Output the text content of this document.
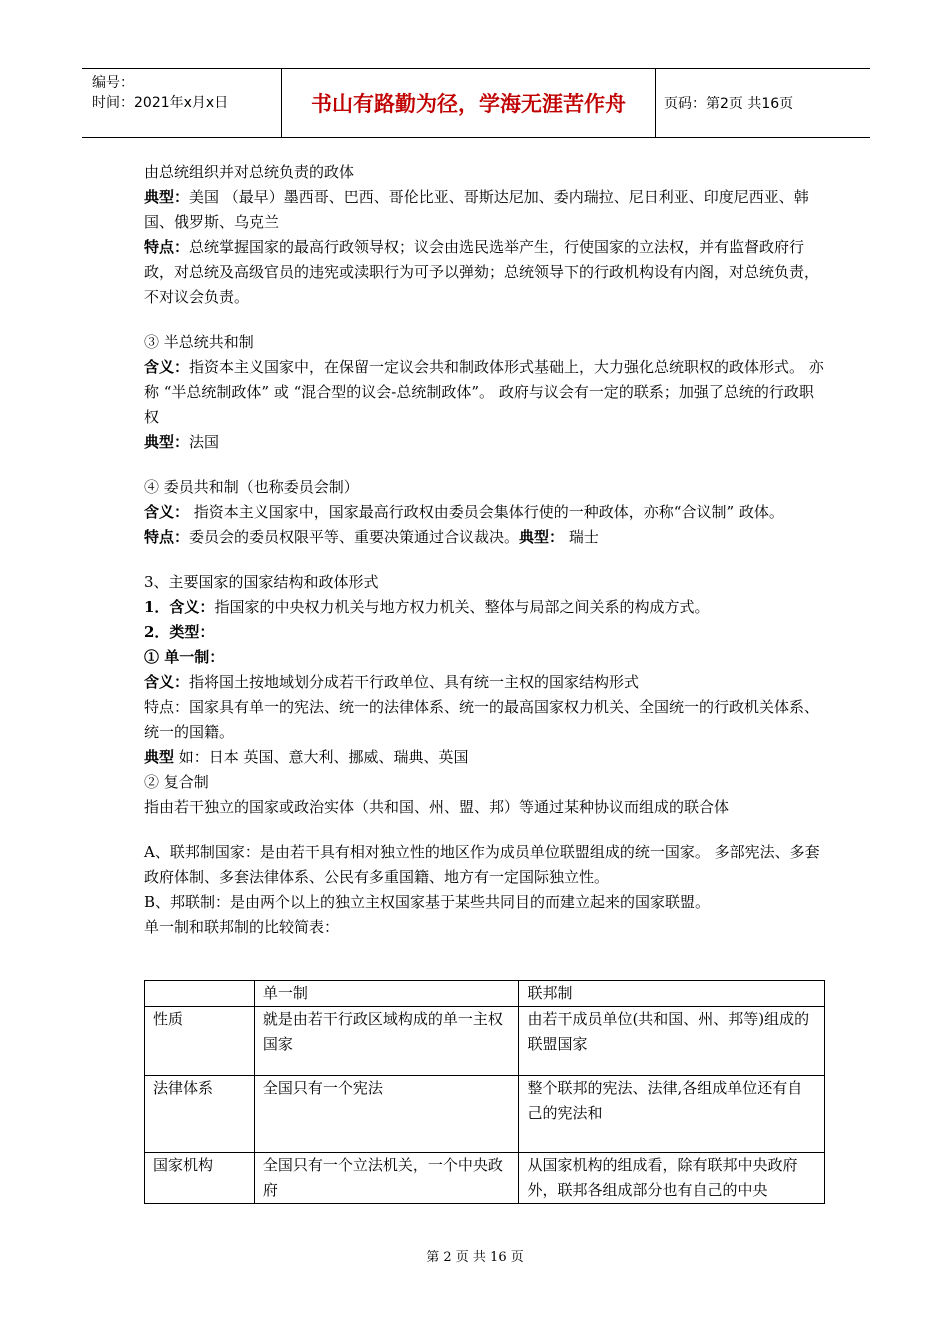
编号：
时间：2021年x月x日	书山有路勤为径，学海无涯苦作舟	页码：第2页 共16页

由总统组织并对总统负责的政体

典型：美国 （最早）墨西哥、巴西、哥伦比亚、哥斯达尼加、委内瑞拉、尼日利亚、印度尼西亚、韩国、俄罗斯、乌克兰

特点：总统掌握国家的最高行政领导权；议会由选民选举产生，行使国家的立法权，并有监督政府行政，对总统及高级官员的违宪或渎职行为可予以弹劾；总统领导下的行政机构设有内阁，对总统负责，不对议会负责。

③ 半总统共和制

含义：指资本主义国家中，在保留一定议会共和制政体形式基础上，大力强化总统职权的政体形式。 亦称 “半总统制政体” 或 “混合型的议会-总统制政体”。 政府与议会有一定的联系；加强了总统的行政职权

典型：法国

④ 委员共和制（也称委员会制）

含义： 指资本主义国家中，国家最高行政权由委员会集体行使的一种政体，亦称“合议制” 政体。

特点：委员会的委员权限平等、重要决策通过合议裁决。典型： 瑞士

3、主要国家的国家结构和政体形式

1．含义：指国家的中央权力机关与地方权力机关、整体与局部之间关系的构成方式。

2．类型：

① 单一制：

含义：指将国土按地域划分成若干行政单位、具有统一主权的国家结构形式

特点：国家具有单一的宪法、统一的法律体系、统一的最高国家权力机关、全国统一的行政机关体系、统一的国籍。

典型 如：日本 英国、意大利、挪威、瑞典、英国

② 复合制

指由若干独立的国家或政治实体（共和国、州、盟、邦）等通过某种协议而组成的联合体

A、联邦制国家：是由若干具有相对独立性的地区作为成员单位联盟组成的统一国家。 多部宪法、多套政府体制、多套法律体系、公民有多重国籍、地方有一定国际独立性。

B、邦联制：是由两个以上的独立主权国家基于某些共同目的而建立起来的国家联盟。

单一制和联邦制的比较简表：

	单一制	联邦制
性质	就是由若干行政区域构成的单一主权国家	由若干成员单位(共和国、州、邦等)组成的联盟国家
法律体系	全国只有一个宪法	整个联邦的宪法、法律,各组成单位还有自己的宪法和
国家机构	全国只有一个立法机关，一个中央政府	从国家机构的组成看，除有联邦中央政府外，联邦各组成部分也有自己的中央
第 2 页 共 16 页
